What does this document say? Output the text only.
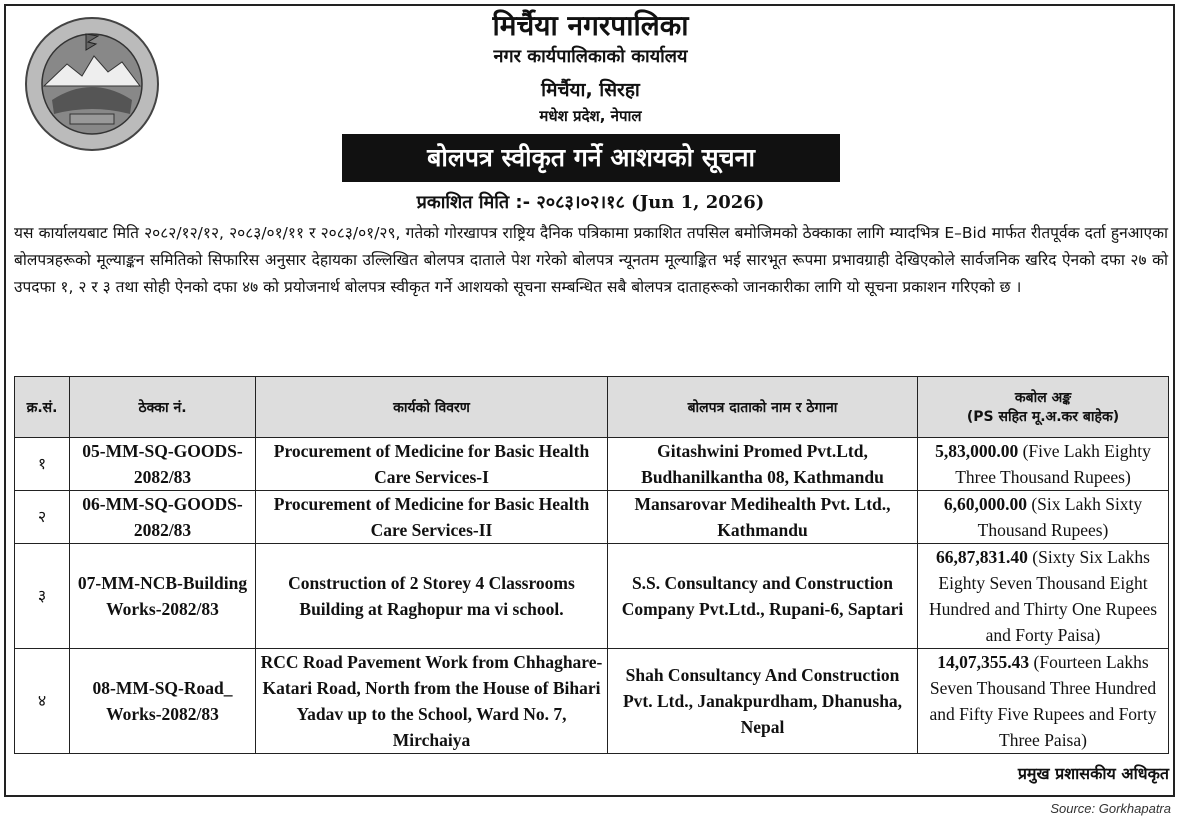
मिर्चैया नगरपालिका
नगर कार्यपालिकाको कार्यालय
मिर्चैया, सिरहा
मधेश प्रदेश, नेपाल
बोलपत्र स्वीकृत गर्ने आशयको सूचना
प्रकाशित मिति :- २०८३।०२।१८ (Jun 1, 2026)
यस कार्यालयबाट मिति २०८२/१२/१२, २०८३/०१/११ र २०८३/०१/२९, गतेको गोरखापत्र राष्ट्रिय दैनिक पत्रिकामा प्रकाशित तपसिल बमोजिमको ठेक्काका लागि म्यादभित्र E–Bid मार्फत रीतपूर्वक दर्ता हुनआएका बोलपत्रहरूको मूल्याङ्कन समितिको सिफारिस अनुसार देहायका उल्लिखित बोलपत्र दाताले पेश गरेको बोलपत्र न्यूनतम मूल्याङ्कित भई सारभूत रूपमा प्रभावग्राही देखिएकोले सार्वजनिक खरिद ऐनको दफा २७ को उपदफा १, २ र ३ तथा सोही ऐनको दफा ४७ को प्रयोजनार्थ बोलपत्र स्वीकृत गर्ने आशयको सूचना सम्बन्धित सबै बोलपत्र दाताहरूको जानकारीका लागि यो सूचना प्रकाशन गरिएको छ ।
क्र.सं.	ठेक्का नं.	कार्यको विवरण	बोलपत्र दाताको नाम र ठेगाना	कबोल अङ्क
(PS सहित मू.अ.कर बाहेक)

१	05-MM-SQ-GOODS-2082/83	Procurement of Medicine for Basic Health Care Services-I	Gitashwini Promed Pvt.Ltd, Budhanilkantha 08, Kathmandu	5,83,000.00 (Five Lakh Eighty Three Thousand Rupees)
२	06-MM-SQ-GOODS-2082/83	Procurement of Medicine for Basic Health Care Services-II	Mansarovar Medihealth Pvt. Ltd., Kathmandu	6,60,000.00 (Six Lakh Sixty Thousand Rupees)
३	07-MM-NCB-Building Works-2082/83	Construction of 2 Storey 4 Classrooms Building at Raghopur ma vi school.	S.S. Consultancy and Construction Company Pvt.Ltd., Rupani-6, Saptari	66,87,831.40 (Sixty Six Lakhs Eighty Seven Thousand Eight Hundred and Thirty One Rupees and Forty Paisa)
४	08-MM-SQ-Road_ Works-2082/83	RCC Road Pavement Work from Chhaghare-Katari Road, North from the House of Bihari Yadav up to the School, Ward No. 7, Mirchaiya	Shah Consultancy And Construction Pvt. Ltd., Janakpurdham, Dhanusha, Nepal	14,07,355.43 (Fourteen Lakhs Seven Thousand Three Hundred and Fifty Five Rupees and Forty Three Paisa)
प्रमुख प्रशासकीय अधिकृत
Source: Gorkhapatra
